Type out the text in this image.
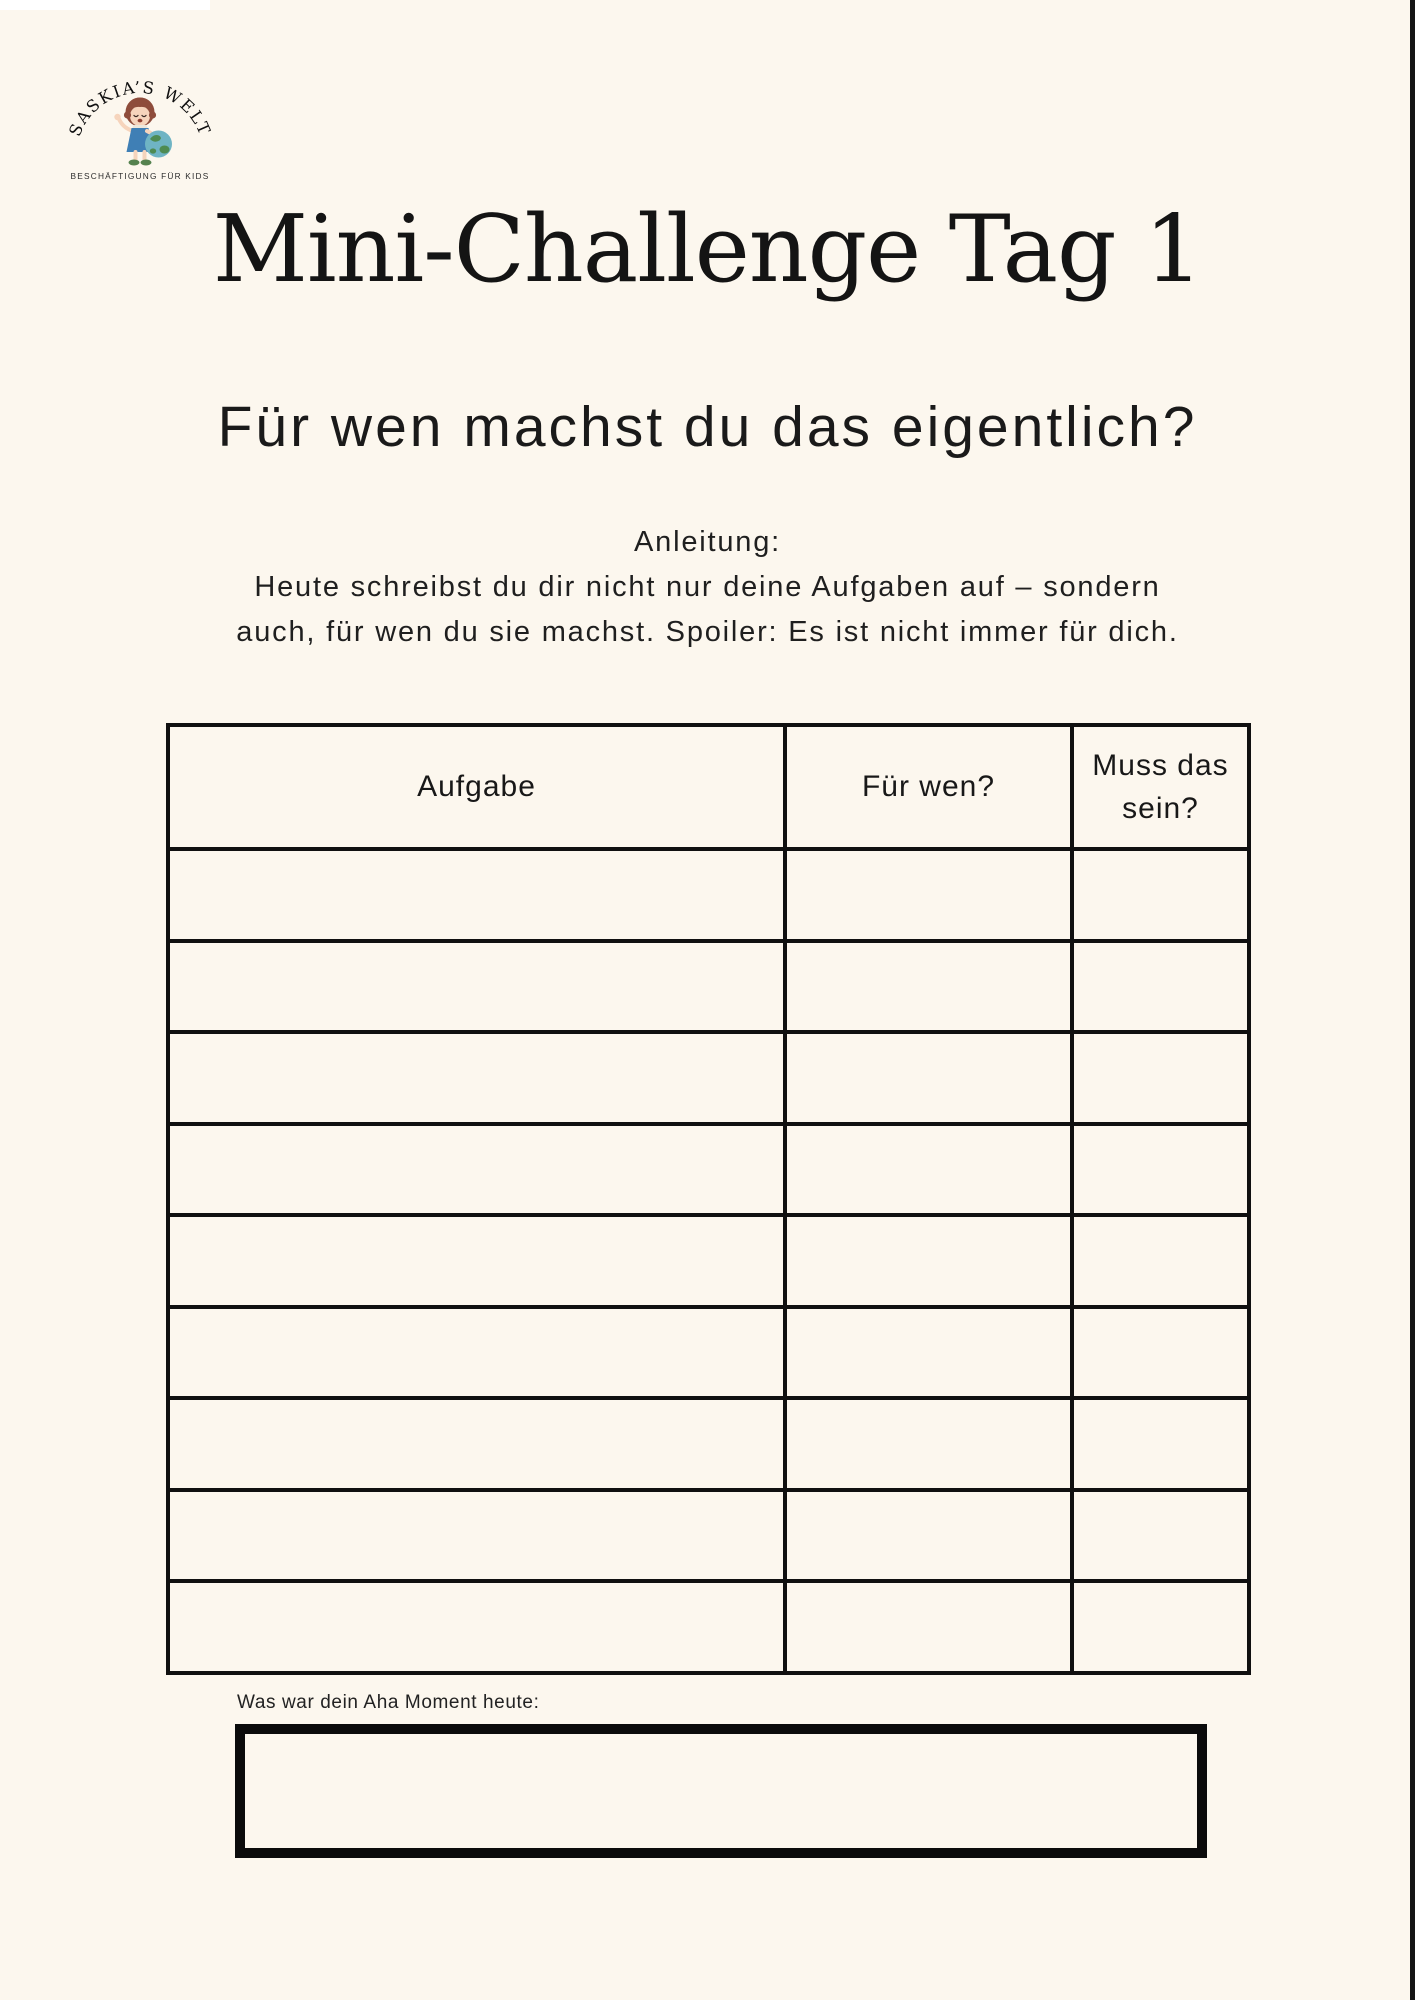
SASKIA’S WELT
BESCHÄFTIGUNG FÜR KIDS
Mini-Challenge Tag 1
Für wen machst du das eigentlich?
Anleitung:
Heute schreibst du dir nicht nur deine Aufgaben auf – sondern
auch, für wen du sie machst. Spoiler: Es ist nicht immer für dich.
Aufgabe	Für wen?	Muss das sein?

Was war dein Aha Moment heute:
